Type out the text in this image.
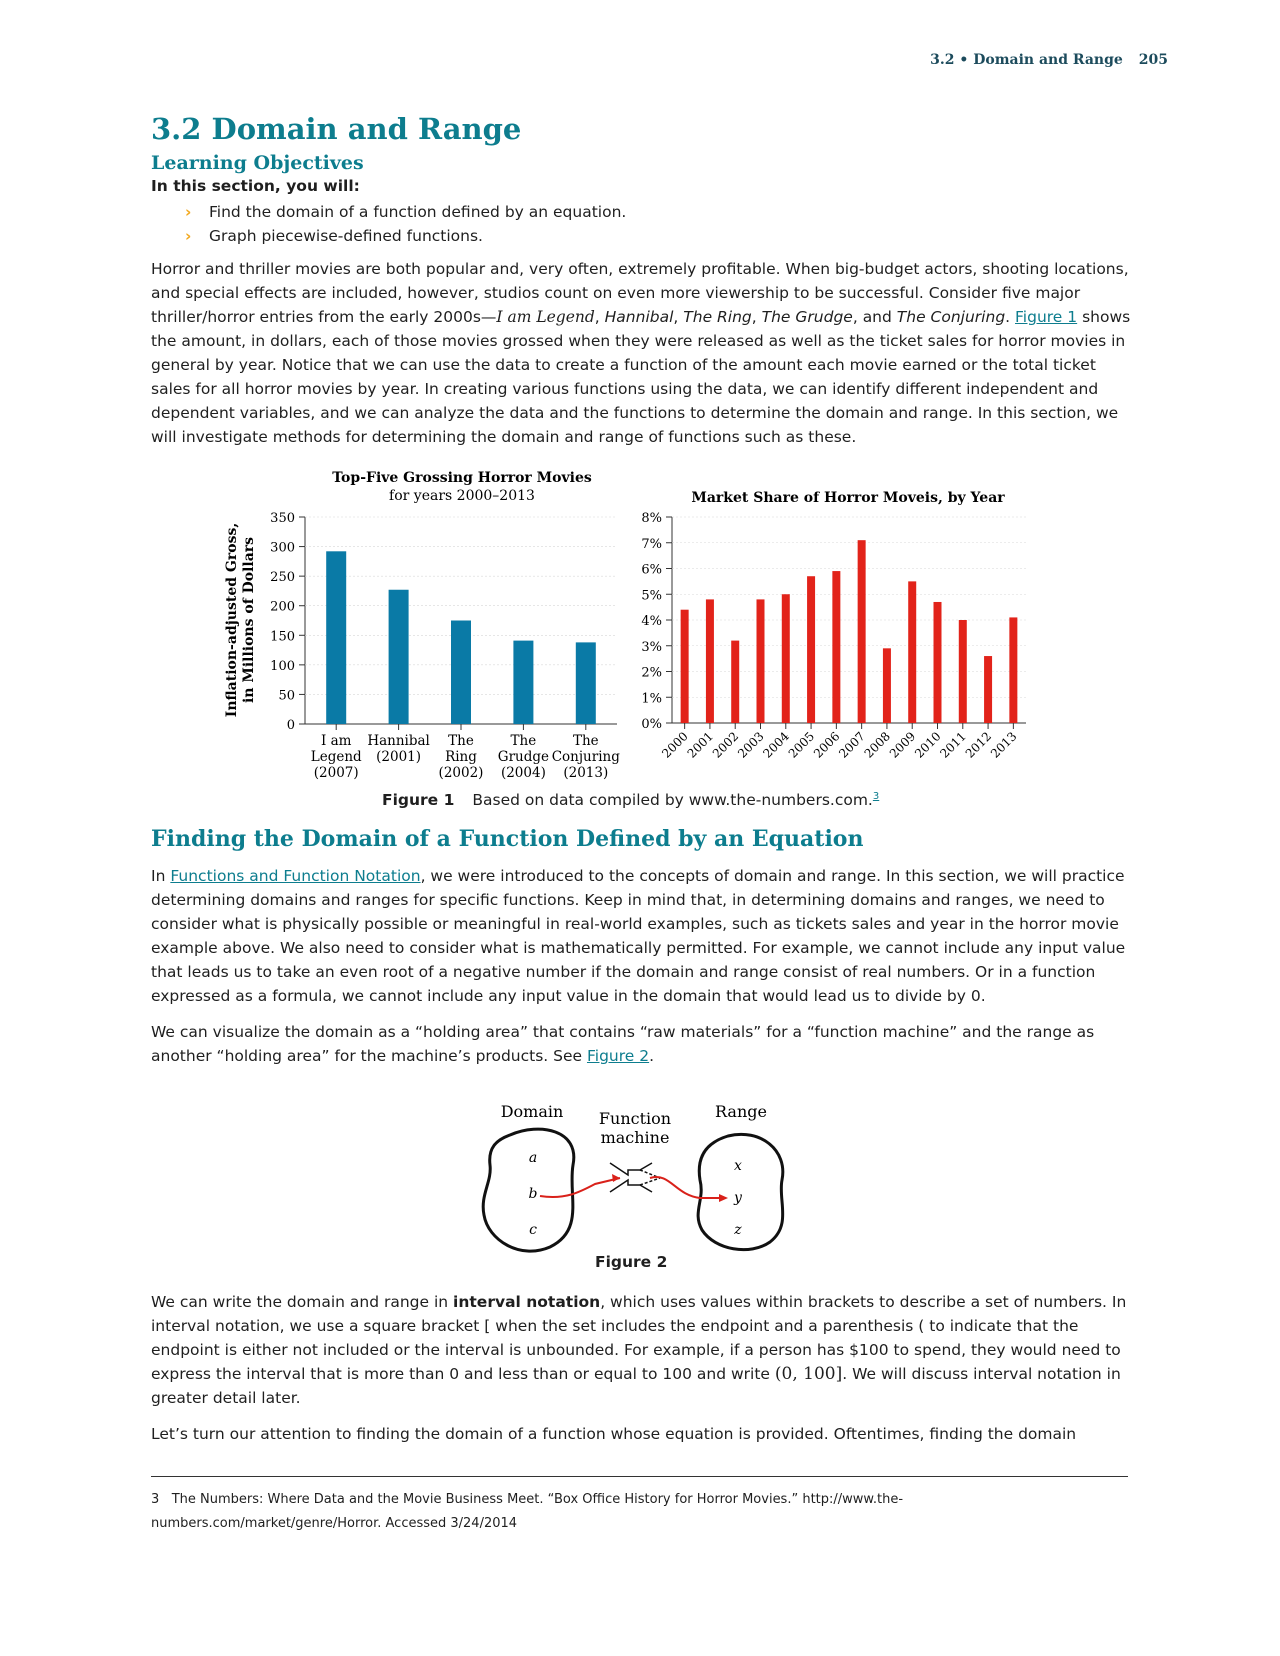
3.2 • Domain and Range 205
3.2 Domain and Range
Learning Objectives

In this section, you will:

› Find the domain of a function defined by an equation.
› Graph piecewise-defined functions.

Horror and thriller movies are both popular and, very often, extremely profitable. When big-budget actors, shooting locations, and special effects are included, however, studios count on even more viewership to be successful. Consider five major thriller/horror entries from the early 2000s—I am Legend, Hannibal, The Ring, The Grudge, and The Conjuring. Figure 1 shows the amount, in dollars, each of those movies grossed when they were released as well as the ticket sales for horror movies in general by year. Notice that we can use the data to create a function of the amount each movie earned or the total ticket sales for all horror movies by year. In creating various functions using the data, we can identify different independent and dependent variables, and we can analyze the data and the functions to determine the domain and range. In this section, we will investigate methods for determining the domain and range of functions such as these.

Top-Five Grossing Horror Movies
for years 2000–2013
Inflation-adjusted Gross, in Millions of Dollars
0
50
100
150
200
250
300
350
I am
Legend
(2007)
Hannibal
(2001)
The
Ring
(2002)
The
Grudge
(2004)
The
Conjuring
(2013)
Market Share of Horror Moveis, by Year
0%
1%
2%
3%
4%
5%
6%
7%
8%
2000
2001
2002
2003
2004
2005
2006
2007
2008
2009
2010
2011
2012
2013
Figure 1 Based on data compiled by www.the-numbers.com.$^3$
Finding the Domain of a Function Defined by an Equation

In Functions and Function Notation, we were introduced to the concepts of domain and range. In this section, we will practice determining domains and ranges for specific functions. Keep in mind that, in determining domains and ranges, we need to consider what is physically possible or meaningful in real-world examples, such as tickets sales and year in the horror movie example above. We also need to consider what is mathematically permitted. For example, we cannot include any input value that leads us to take an even root of a negative number if the domain and range consist of real numbers. Or in a function expressed as a formula, we cannot include any input value in the domain that would lead us to divide by 0.

We can visualize the domain as a “holding area” that contains “raw materials” for a “function machine” and the range as another “holding area” for the machine’s products. See Figure 2.

Domain Function
machine
Range
a
b
c
x
y
z
Figure 2

We can write the domain and range in interval notation, which uses values within brackets to describe a set of numbers. In interval notation, we use a square bracket [ when the set includes the endpoint and a parenthesis ( to indicate that the endpoint is either not included or the interval is unbounded. For example, if a person has $100 to spend, they would need to express the interval that is more than 0 and less than or equal to 100 and write (0, 100]. We will discuss interval notation in greater detail later.

Let’s turn our attention to finding the domain of a function whose equation is provided. Oftentimes, finding the domain

3 The Numbers: Where Data and the Movie Business Meet. “Box Office History for Horror Movies.” http://www.the-numbers.com/market/genre/Horror. Accessed 3/24/2014
